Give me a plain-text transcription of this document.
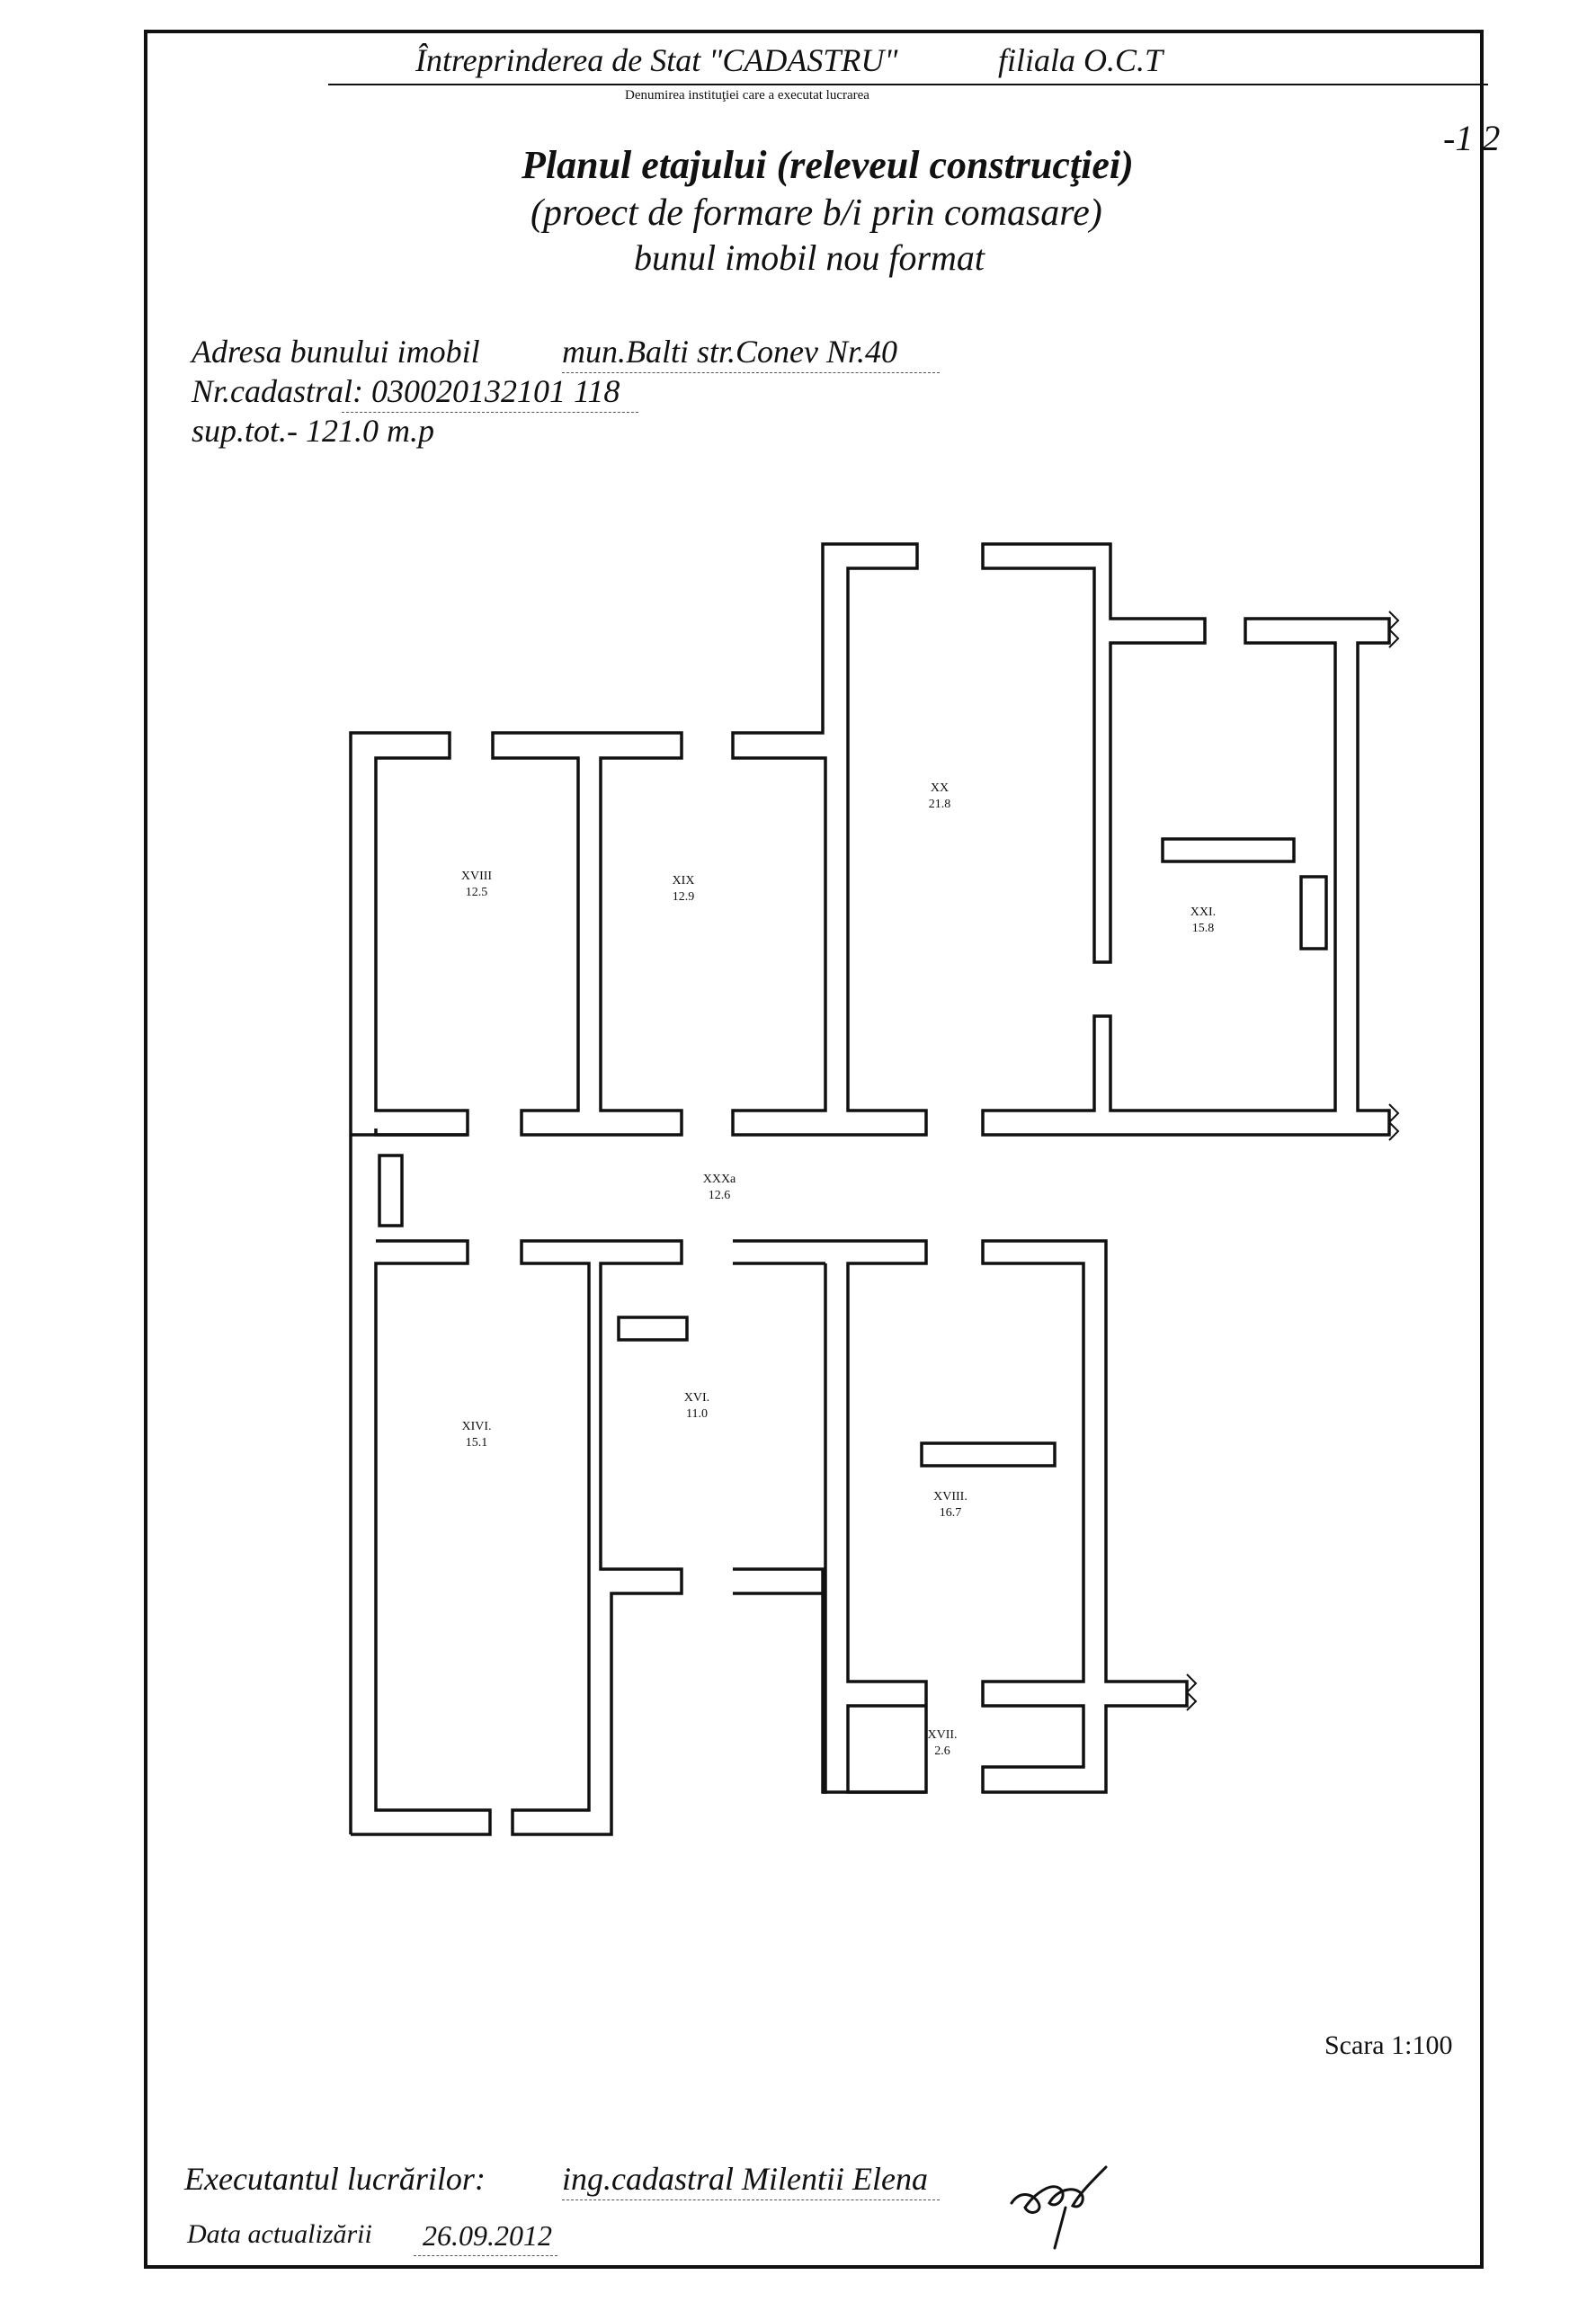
Întreprinderea de Stat "CADASTRU"	filiala O.C.T
Denumirea instituţiei care a executat lucrarea
-1 2
Planul etajului (releveul construcţiei)
(proect de formare b/i prin comasare)
bunul imobil nou format
Adresa bunului imobil	mun.Balti str.Conev Nr.40
Nr.cadastral: 030020132101 118
sup.tot.- 121.0 m.p
XVIII
12.5
XIX
12.9
XX
21.8
XXI.
15.8
XXXa
12.6
XIVI.
15.1
XVI.
11.0
XVIII.
16.7
XVII.
2.6
Scara 1:100
Executantul lucrărilor: ing.cadastral Milentii Elena
Data actualizării 26.09.2012
